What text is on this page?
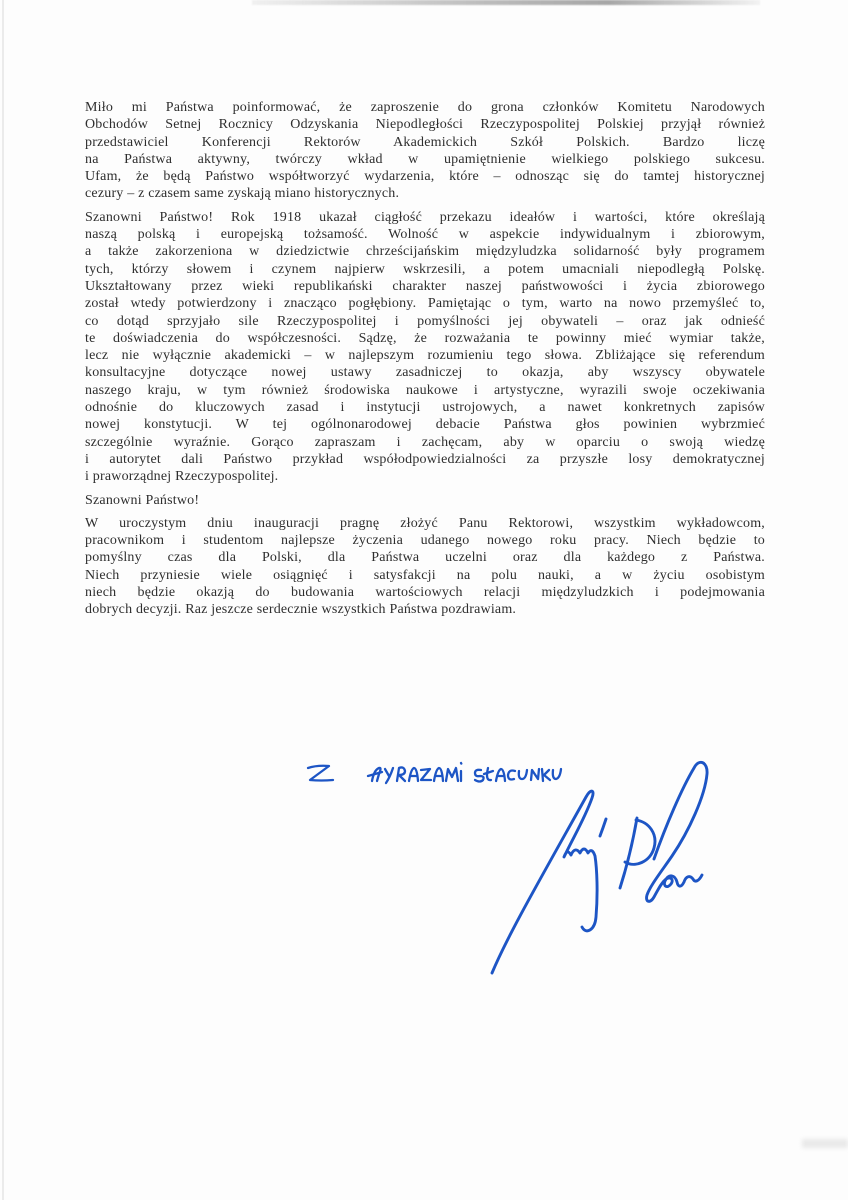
Miło mi Państwa poinformować, że zaproszenie do grona członków Komitetu Narodowych
Obchodów Setnej Rocznicy Odzyskania Niepodległości Rzeczypospolitej Polskiej przyjął również
przedstawiciel Konferencji Rektorów Akademickich Szkół Polskich. Bardzo liczę
na Państwa aktywny, twórczy wkład w upamiętnienie wielkiego polskiego sukcesu.
Ufam, że będą Państwo współtworzyć wydarzenia, które – odnosząc się do tamtej historycznej
cezury – z czasem same zyskają miano historycznych.
Szanowni Państwo! Rok 1918 ukazał ciągłość przekazu ideałów i wartości, które określają
naszą polską i europejską tożsamość. Wolność w aspekcie indywidualnym i zbiorowym,
a także zakorzeniona w dziedzictwie chrześcijańskim międzyludzka solidarność były programem
tych, którzy słowem i czynem najpierw wskrzesili, a potem umacniali niepodległą Polskę.
Ukształtowany przez wieki republikański charakter naszej państwowości i życia zbiorowego
został wtedy potwierdzony i znacząco pogłębiony. Pamiętając o tym, warto na nowo przemyśleć to,
co dotąd sprzyjało sile Rzeczypospolitej i pomyślności jej obywateli – oraz jak odnieść
te doświadczenia do współczesności. Sądzę, że rozważania te powinny mieć wymiar także,
lecz nie wyłącznie akademicki – w najlepszym rozumieniu tego słowa. Zbliżające się referendum
konsultacyjne dotyczące nowej ustawy zasadniczej to okazja, aby wszyscy obywatele
naszego kraju, w tym również środowiska naukowe i artystyczne, wyrazili swoje oczekiwania
odnośnie do kluczowych zasad i instytucji ustrojowych, a nawet konkretnych zapisów
nowej konstytucji. W tej ogólnonarodowej debacie Państwa głos powinien wybrzmieć
szczególnie wyraźnie. Gorąco zapraszam i zachęcam, aby w oparciu o swoją wiedzę
i autorytet dali Państwo przykład współodpowiedzialności za przyszłe losy demokratycznej
i praworządnej Rzeczypospolitej.
Szanowni Państwo!
W uroczystym dniu inauguracji pragnę złożyć Panu Rektorowi, wszystkim wykładowcom,
pracownikom i studentom najlepsze życzenia udanego nowego roku pracy. Niech będzie to
pomyślny czas dla Polski, dla Państwa uczelni oraz dla każdego z Państwa.
Niech przyniesie wiele osiągnięć i satysfakcji na polu nauki, a w życiu osobistym
niech będzie okazją do budowania wartościowych relacji międzyludzkich i podejmowania
dobrych decyzji. Raz jeszcze serdecznie wszystkich Państwa pozdrawiam.
